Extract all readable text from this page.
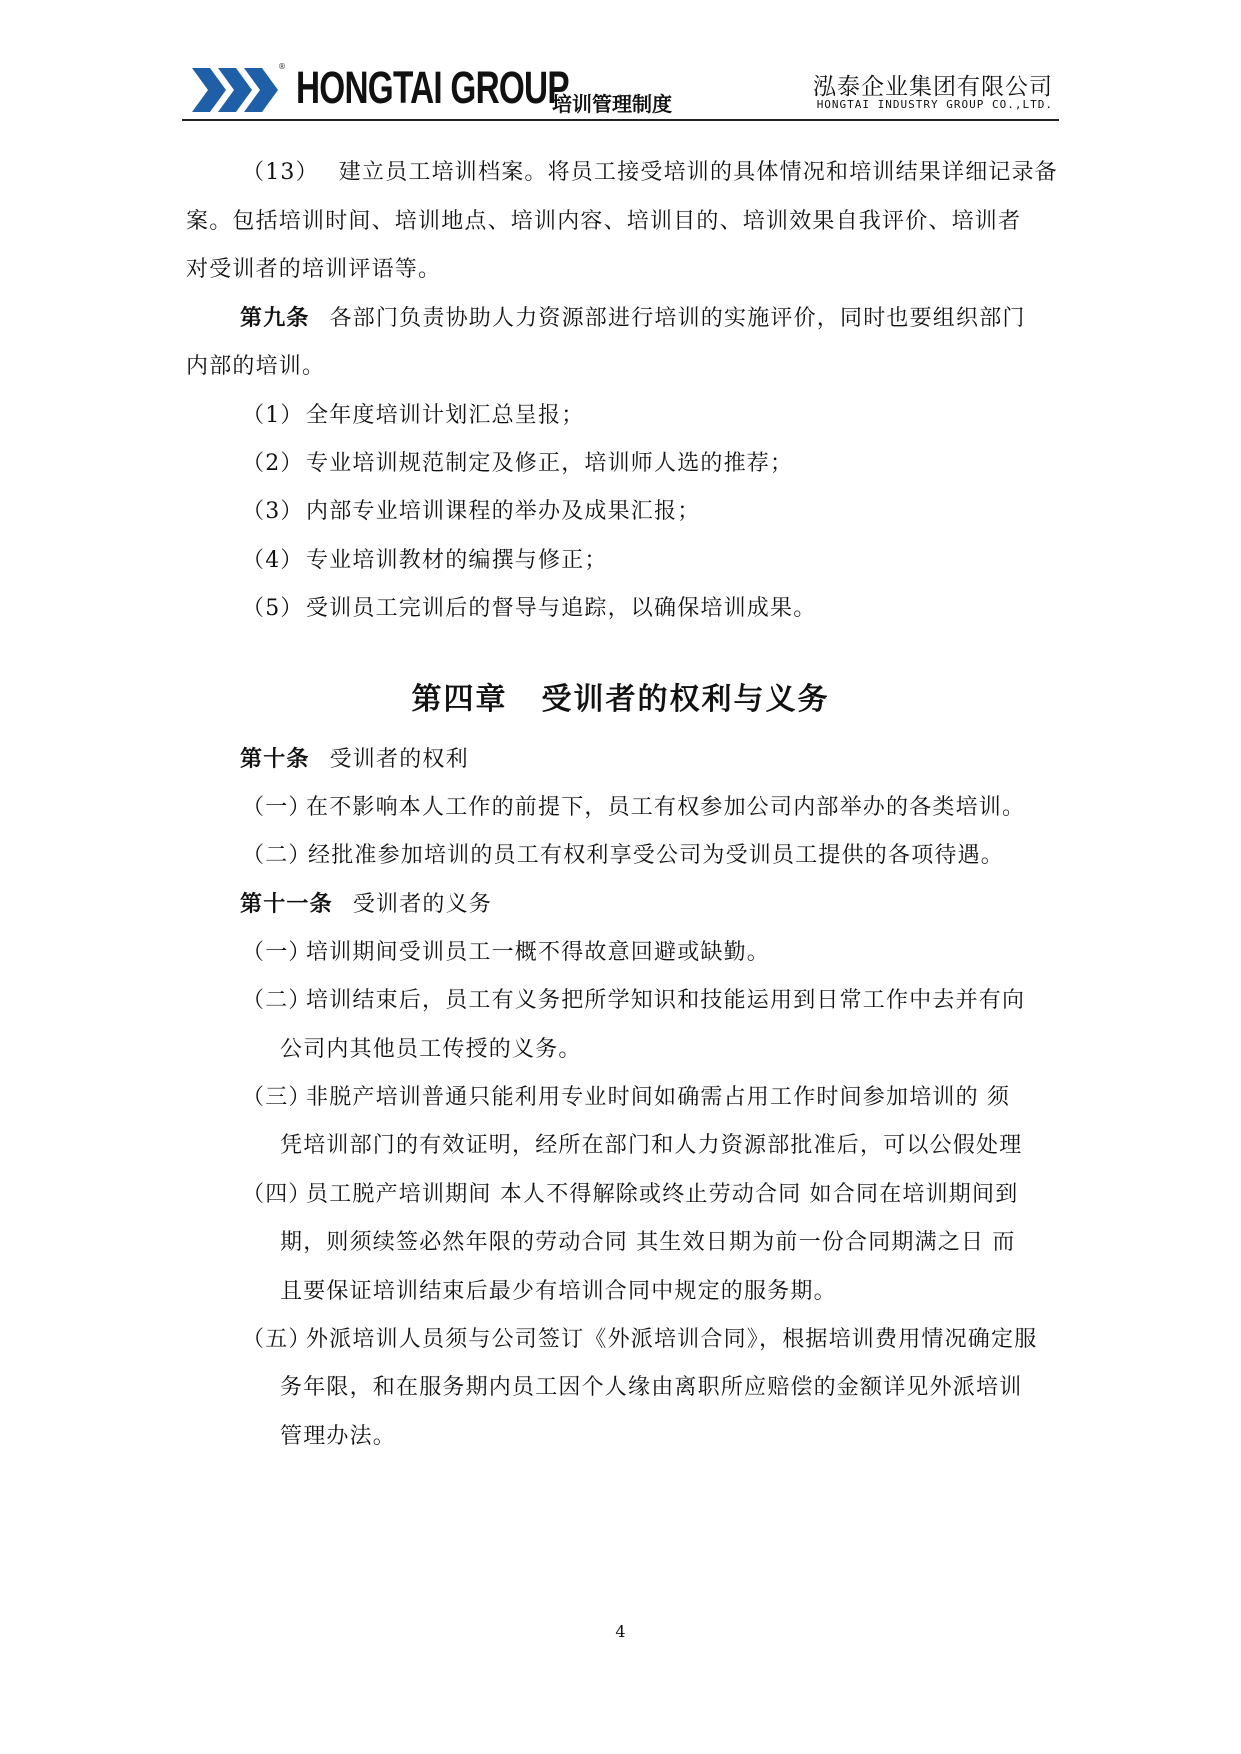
® HONGTAI GROUP
培训管理制度
泓泰企业集团有限公司
HONGTAI INDUSTRY GROUP CO.,LTD.
（13） 建立员工培训档案。将员工接受培训的具体情况和培训结果详细记录备
案。包括培训时间、培训地点、培训内容、培训目的、培训效果自我评价、培训者
对受训者的培训评语等。
第九条 各部门负责协助人力资源部进行培训的实施评价，同时也要组织部门
内部的培训。
（1） 全年度培训计划汇总呈报；
（2） 专业培训规范制定及修正，培训师人选的推荐；
（3） 内部专业培训课程的举办及成果汇报；
（4） 专业培训教材的编撰与修正；
（5） 受训员工完训后的督导与追踪，以确保培训成果。
第四章 受训者的权利与义务
第十条 受训者的权利
（一）在不影响本人工作的前提下，员工有权参加公司内部举办的各类培训。
（二）经批准参加培训的员工有权利享受公司为受训员工提供的各项待遇。
第十一条 受训者的义务
（一）培训期间受训员工一概不得故意回避或缺勤。
（二）培训结束后，员工有义务把所学知识和技能运用到日常工作中去并有向
公司内其他员工传授的义务。
（三）非脱产培训普通只能利用专业时间如确需占用工作时间参加培训的 须
凭培训部门的有效证明，经所在部门和人力资源部批准后，可以公假处理
（四）员工脱产培训期间 本人不得解除或终止劳动合同 如合同在培训期间到
期，则须续签必然年限的劳动合同 其生效日期为前一份合同期满之日 而
且要保证培训结束后最少有培训合同中规定的服务期。
（五）外派培训人员须与公司签订《外派培训合同》，根据培训费用情况确定服
务年限，和在服务期内员工因个人缘由离职所应赔偿的金额详见外派培训
管理办法。
4
